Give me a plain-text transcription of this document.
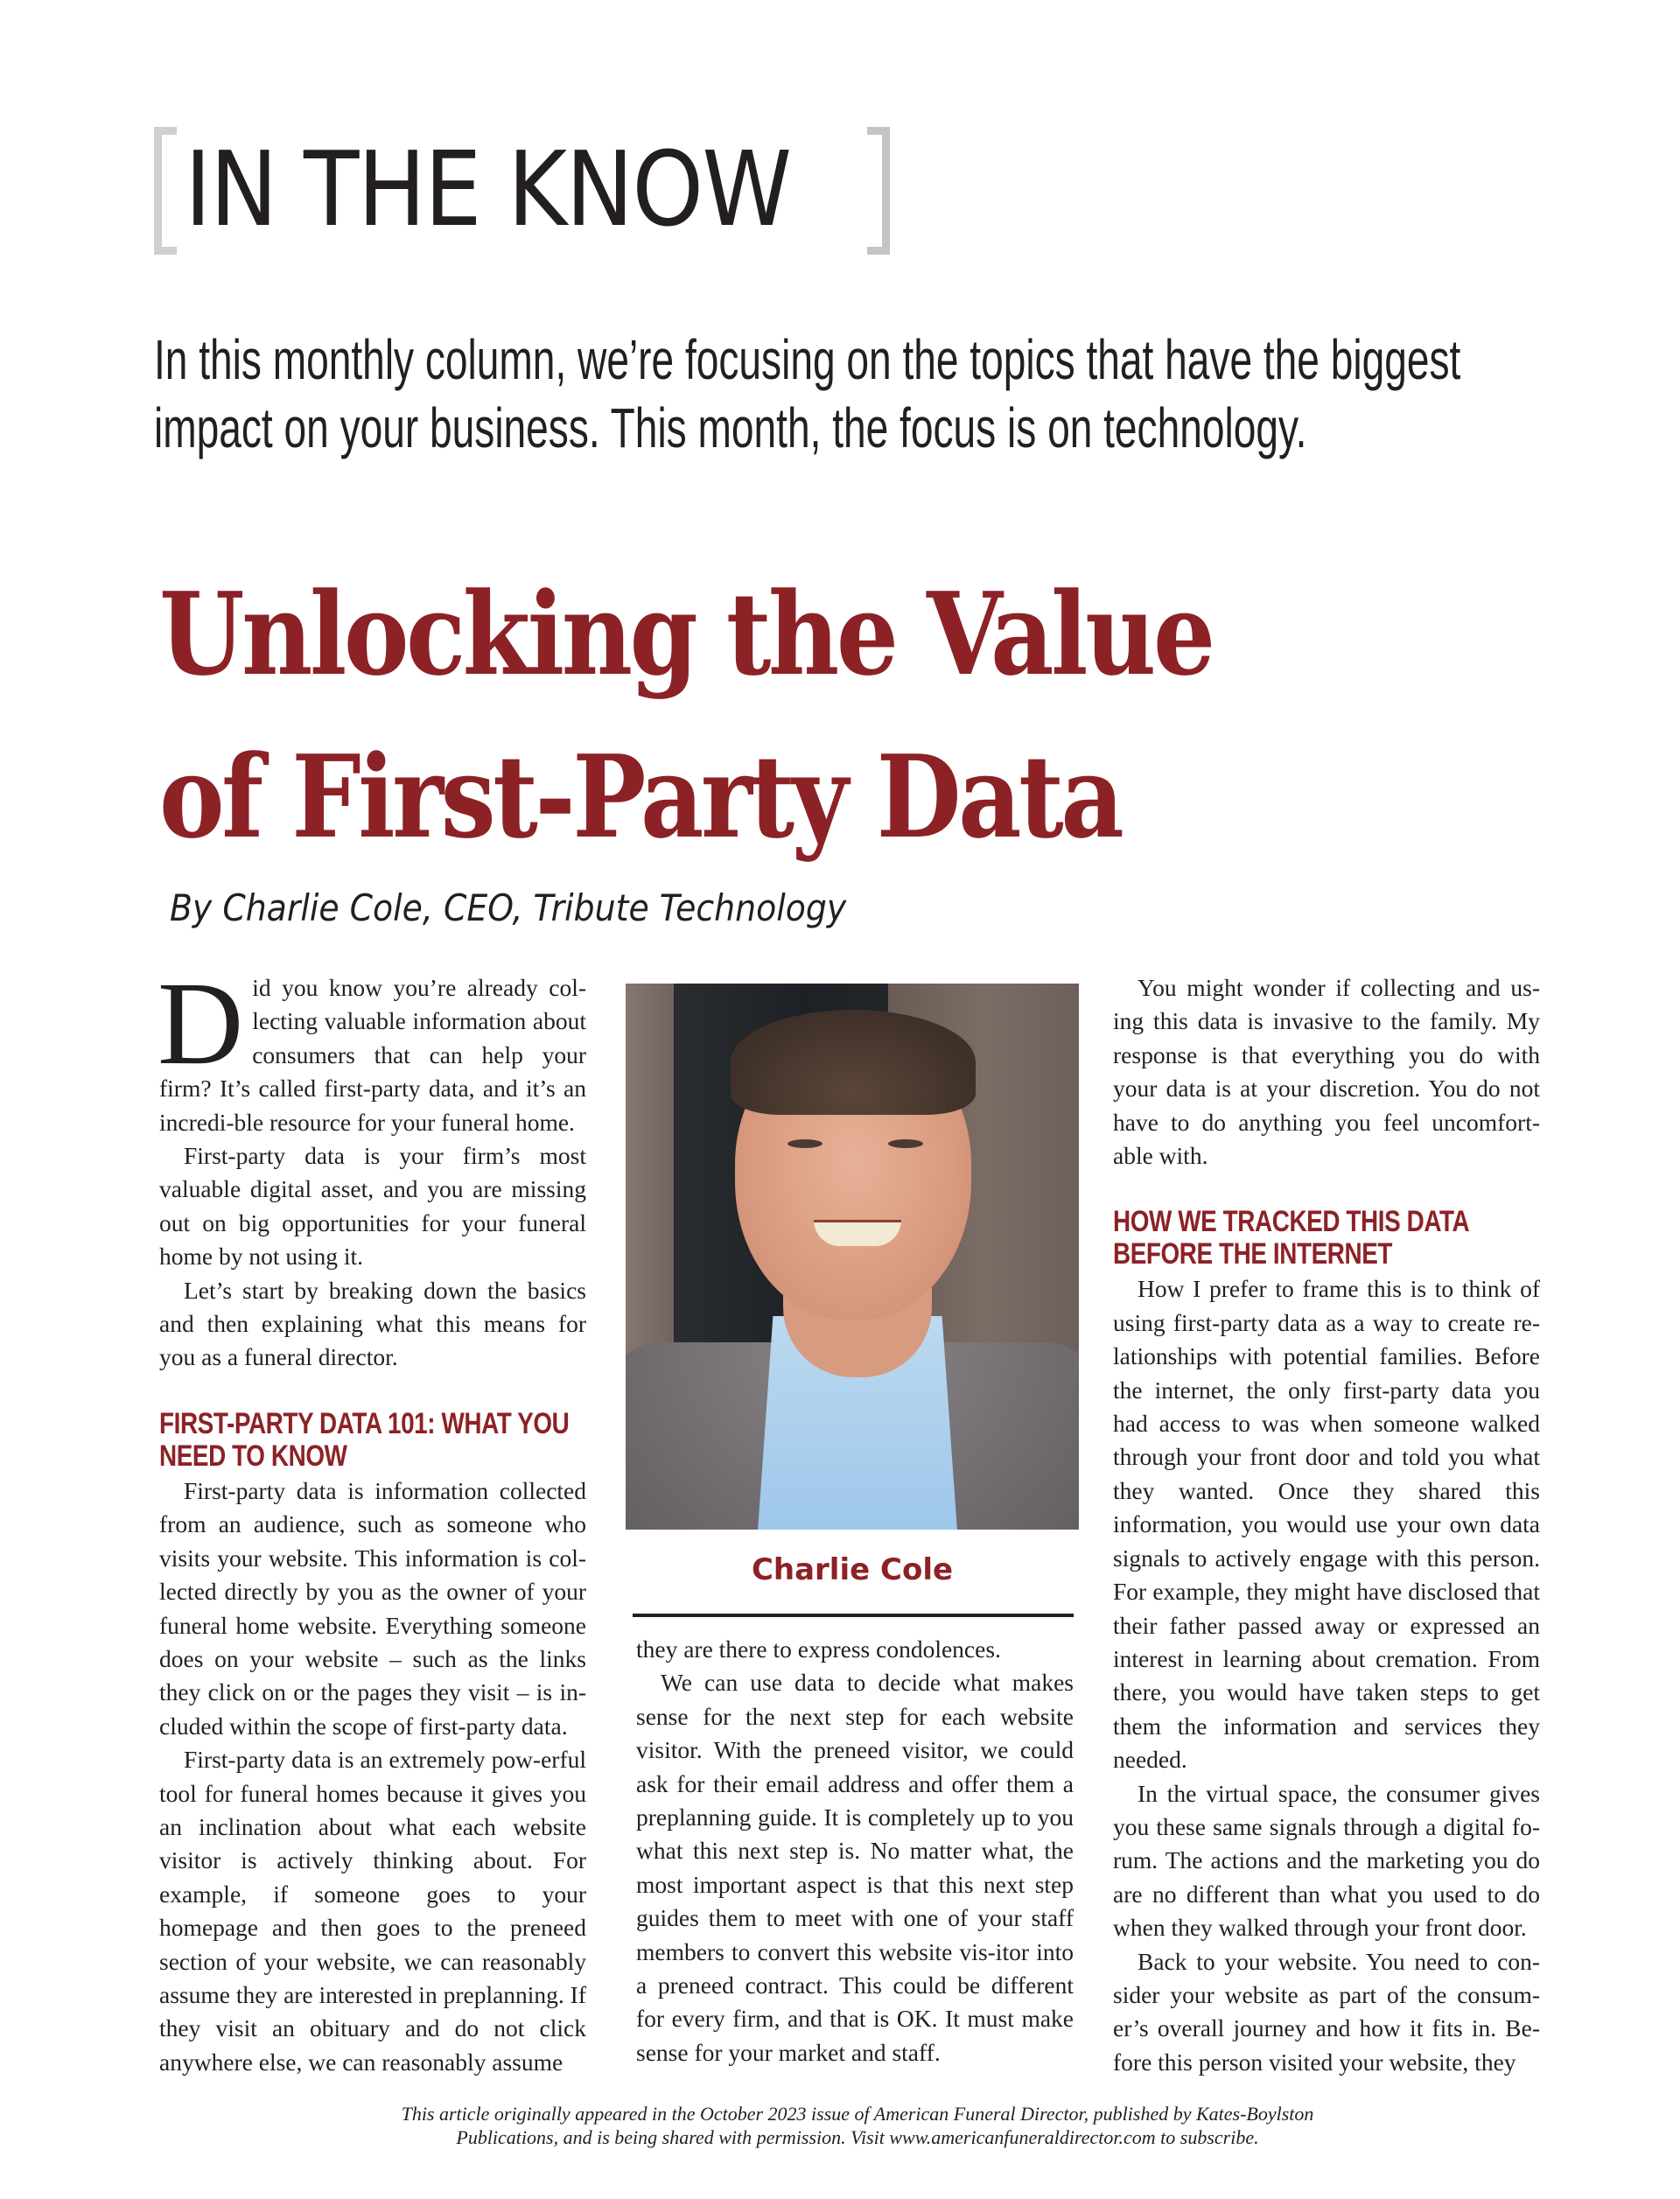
IN THE KNOW
In this monthly column, we’re focusing on the topics that have the biggest
impact on your business. This month, the focus is on technology.
Unlocking the Value
of First-Party Data
By Charlie Cole, CEO, Tribute Technology

Did you know you’re already col-lecting valuable information about consumers that can help your firm? It’s called first-party data, and it’s an incredi-ble resource for your funeral home.

First-party data is your firm’s most valuable digital asset, and you are missing out on big opportunities for your funeral home by not using it.

Let’s start by breaking down the basics and then explaining what this means for you as a funeral director.

FIRST-PARTY DATA 101: WHAT YOU NEED TO KNOW

First-party data is information collected from an audience, such as someone who visits your website. This information is col-lected directly by you as the owner of your funeral home website. Everything someone does on your website – such as the links they click on or the pages they visit – is in-cluded within the scope of first-party data.

First-party data is an extremely pow-erful tool for funeral homes because it gives you an inclination about what each website visitor is actively thinking about. For example, if someone goes to your homepage and then goes to the preneed section of your website, we can reasonably assume they are interested in preplanning. If they visit an obituary and do not click anywhere else, we can reasonably assume

Charlie Cole

they are there to express condolences.

We can use data to decide what makes sense for the next step for each website visitor. With the preneed visitor, we could ask for their email address and offer them a preplanning guide. It is completely up to you what this next step is. No matter what, the most important aspect is that this next step guides them to meet with one of your staff members to convert this website vis-itor into a preneed contract. This could be different for every firm, and that is OK. It must make sense for your market and staff.

You might wonder if collecting and us-ing this data is invasive to the family. My response is that everything you do with your data is at your discretion. You do not have to do anything you feel uncomfort-able with.

HOW WE TRACKED THIS DATA BEFORE THE INTERNET

How I prefer to frame this is to think of using first-party data as a way to create re-lationships with potential families. Before the internet, the only first-party data you had access to was when someone walked through your front door and told you what they wanted. Once they shared this information, you would use your own data signals to actively engage with this person. For example, they might have disclosed that their father passed away or expressed an interest in learning about cremation. From there, you would have taken steps to get them the information and services they needed.

In the virtual space, the consumer gives you these same signals through a digital fo-rum. The actions and the marketing you do are no different than what you used to do when they walked through your front door.

Back to your website. You need to con-sider your website as part of the consum-er’s overall journey and how it fits in. Be-fore this person visited your website, they

This article originally appeared in the October 2023 issue of American Funeral Director, published by Kates-Boylston
Publications, and is being shared with permission. Visit www.americanfuneraldirector.com to subscribe.
